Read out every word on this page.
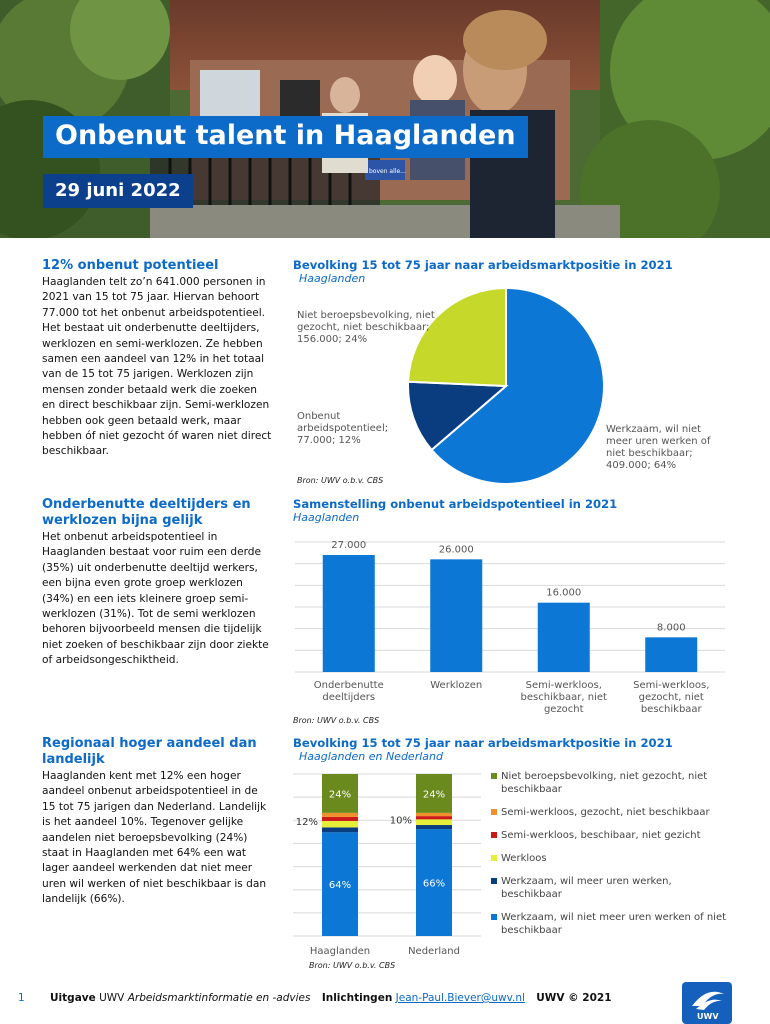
boven alle...
Onbenut talent in Haaglanden
29 juni 2022
12% onbenut potentieel
Haaglanden telt zo’n 641.000 personen in 2021 van 15 tot 75 jaar. Hiervan behoort 77.000 tot het onbenut arbeidspotentieel. Het bestaat uit onderbenutte deeltijders, werklozen en semi-werklozen. Ze hebben samen een aandeel van 12% in het totaal van de 15 tot 75 jarigen. Werklozen zijn mensen zonder betaald werk die zoeken en direct beschikbaar zijn. Semi-werklozen hebben ook geen betaald werk, maar hebben óf niet gezocht óf waren niet direct beschikbaar.
Onderbenutte deeltijders en werklozen bijna gelijk
Het onbenut arbeidspotentieel in Haaglanden bestaat voor ruim een derde (35%) uit onderbenutte deeltijd werkers, een bijna even grote groep werklozen (34%) en een iets kleinere groep semi-werklozen (31%). Tot de semi werklozen behoren bijvoorbeeld mensen die tijdelijk niet zoeken of beschikbaar zijn door ziekte of arbeidsongeschiktheid.
Regionaal hoger aandeel dan landelijk
Haaglanden kent met 12% een hoger aandeel onbenut arbeidspotentieel in de 15 tot 75 jarigen dan Nederland. Landelijk is het aandeel 10%. Tegenover gelijke aandelen niet beroepsbevolking (24%) staat in Haaglanden met 64% een wat lager aandeel werkenden dat niet meer uren wil werken of niet beschikbaar is dan landelijk (66%).
Bevolking 15 tot 75 jaar naar arbeidsmarktpositie in 2021
Haaglanden
Werkzaam, wil niet meer uren werken of niet beschikbaar; 409.000; 64%
Onbenut arbeidspotentieel; 77.000; 12%
Niet beroepsbevolking, niet gezocht, niet beschikbaar; 156.000; 24%
Bron: UWV o.b.v. CBS
Samenstelling onbenut arbeidspotentieel in 2021
Haaglanden
27.000
Onderbenutte deeltijders
26.000
Werklozen
16.000
Semi-werkloos, beschikbaar, niet gezocht
8.000
Semi-werkloos, gezocht, niet beschikbaar
Bron: UWV o.b.v. CBS
Bevolking 15 tot 75 jaar naar arbeidsmarktpositie in 2021
Haaglanden en Nederland
Haaglanden
24%
64%
12%
Nederland
24%
66%
10%
Bron: UWV o.b.v. CBS
Niet beroepsbevolking, niet gezocht, niet beschikbaar
Semi-werkloos, gezocht, niet beschikbaar
Semi-werkloos, beschibaar, niet gezicht
Werkloos
Werkzaam, wil meer uren werken, beschikbaar
Werkzaam, wil niet meer uren werken of niet beschikbaar
1 Uitgave UWV Arbeidsmarktinformatie en -advies Inlichtingen Jean-Paul.Biever@uwv.nl UWV © 2021
UWV
